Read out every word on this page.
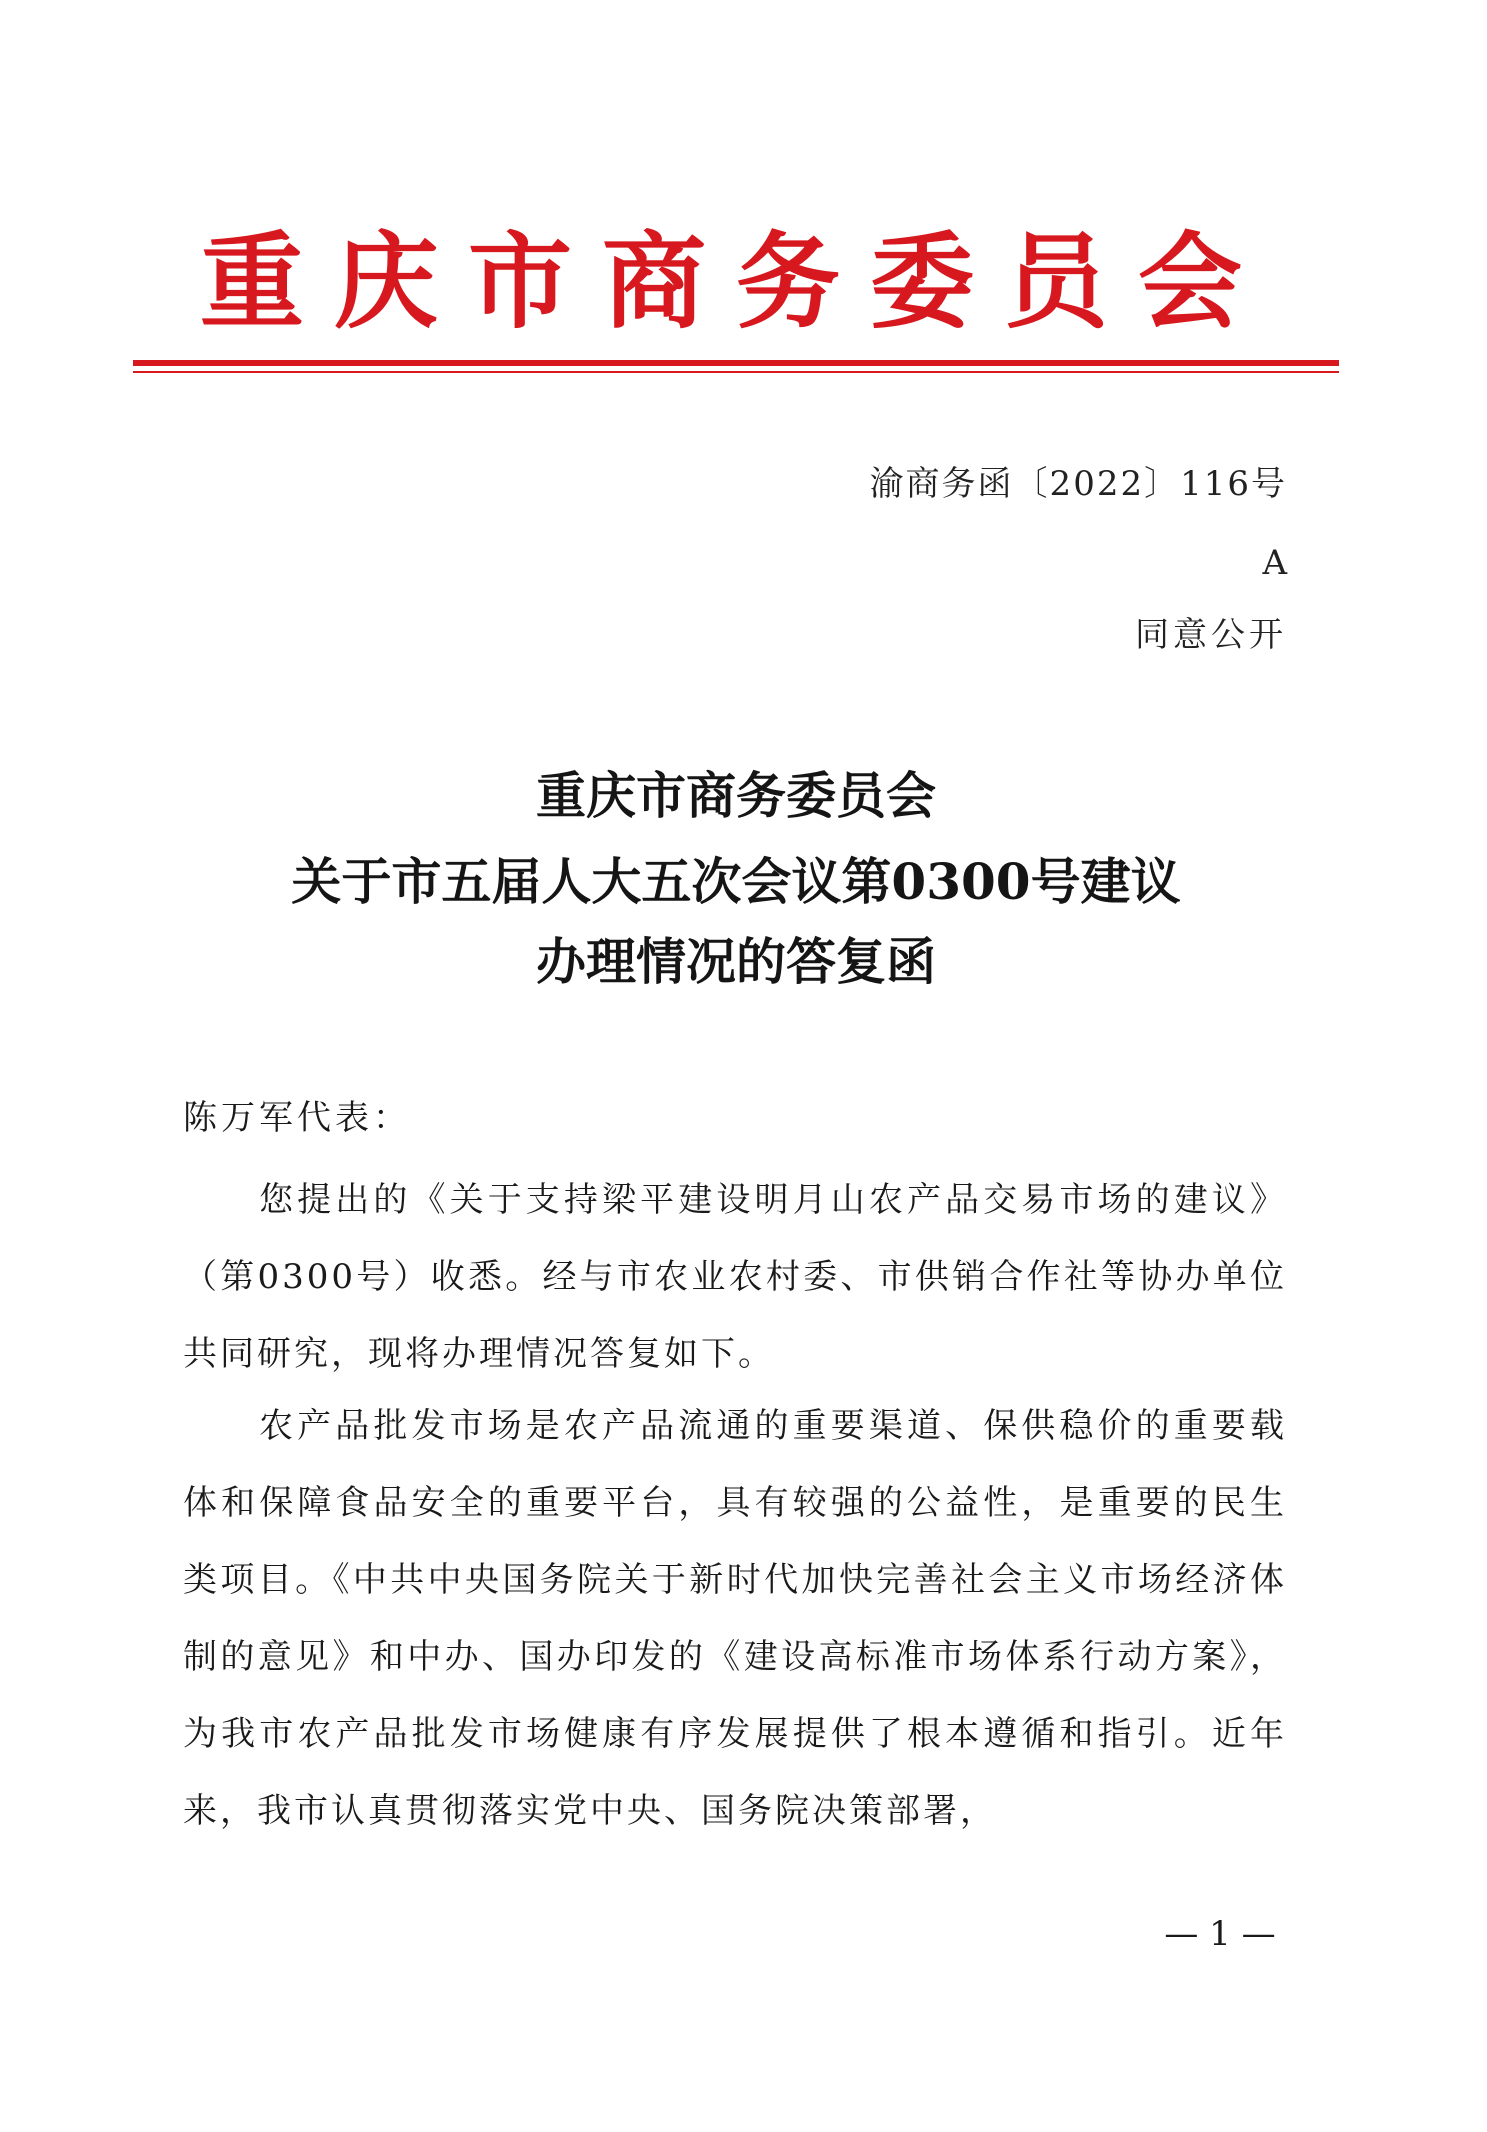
重庆市商务委员会
渝商务函〔2022〕116号
A
同意公开
重庆市商务委员会
关于市五届人大五次会议第0300号建议
办理情况的答复函
陈万军代表：

您提出的《关于支持梁平建设明月山农产品交易市场的建议》（第0300号）收悉。经与市农业农村委、市供销合作社等协办单位共同研究，现将办理情况答复如下。

农产品批发市场是农产品流通的重要渠道、保供稳价的重要载体和保障食品安全的重要平台，具有较强的公益性，是重要的民生类项目。《中共中央国务院关于新时代加快完善社会主义市场经济体制的意见》和中办、国办印发的《建设高标准市场体系行动方案》，为我市农产品批发市场健康有序发展提供了根本遵循和指引。近年来，我市认真贯彻落实党中央、国务院决策部署，

— 1 —
